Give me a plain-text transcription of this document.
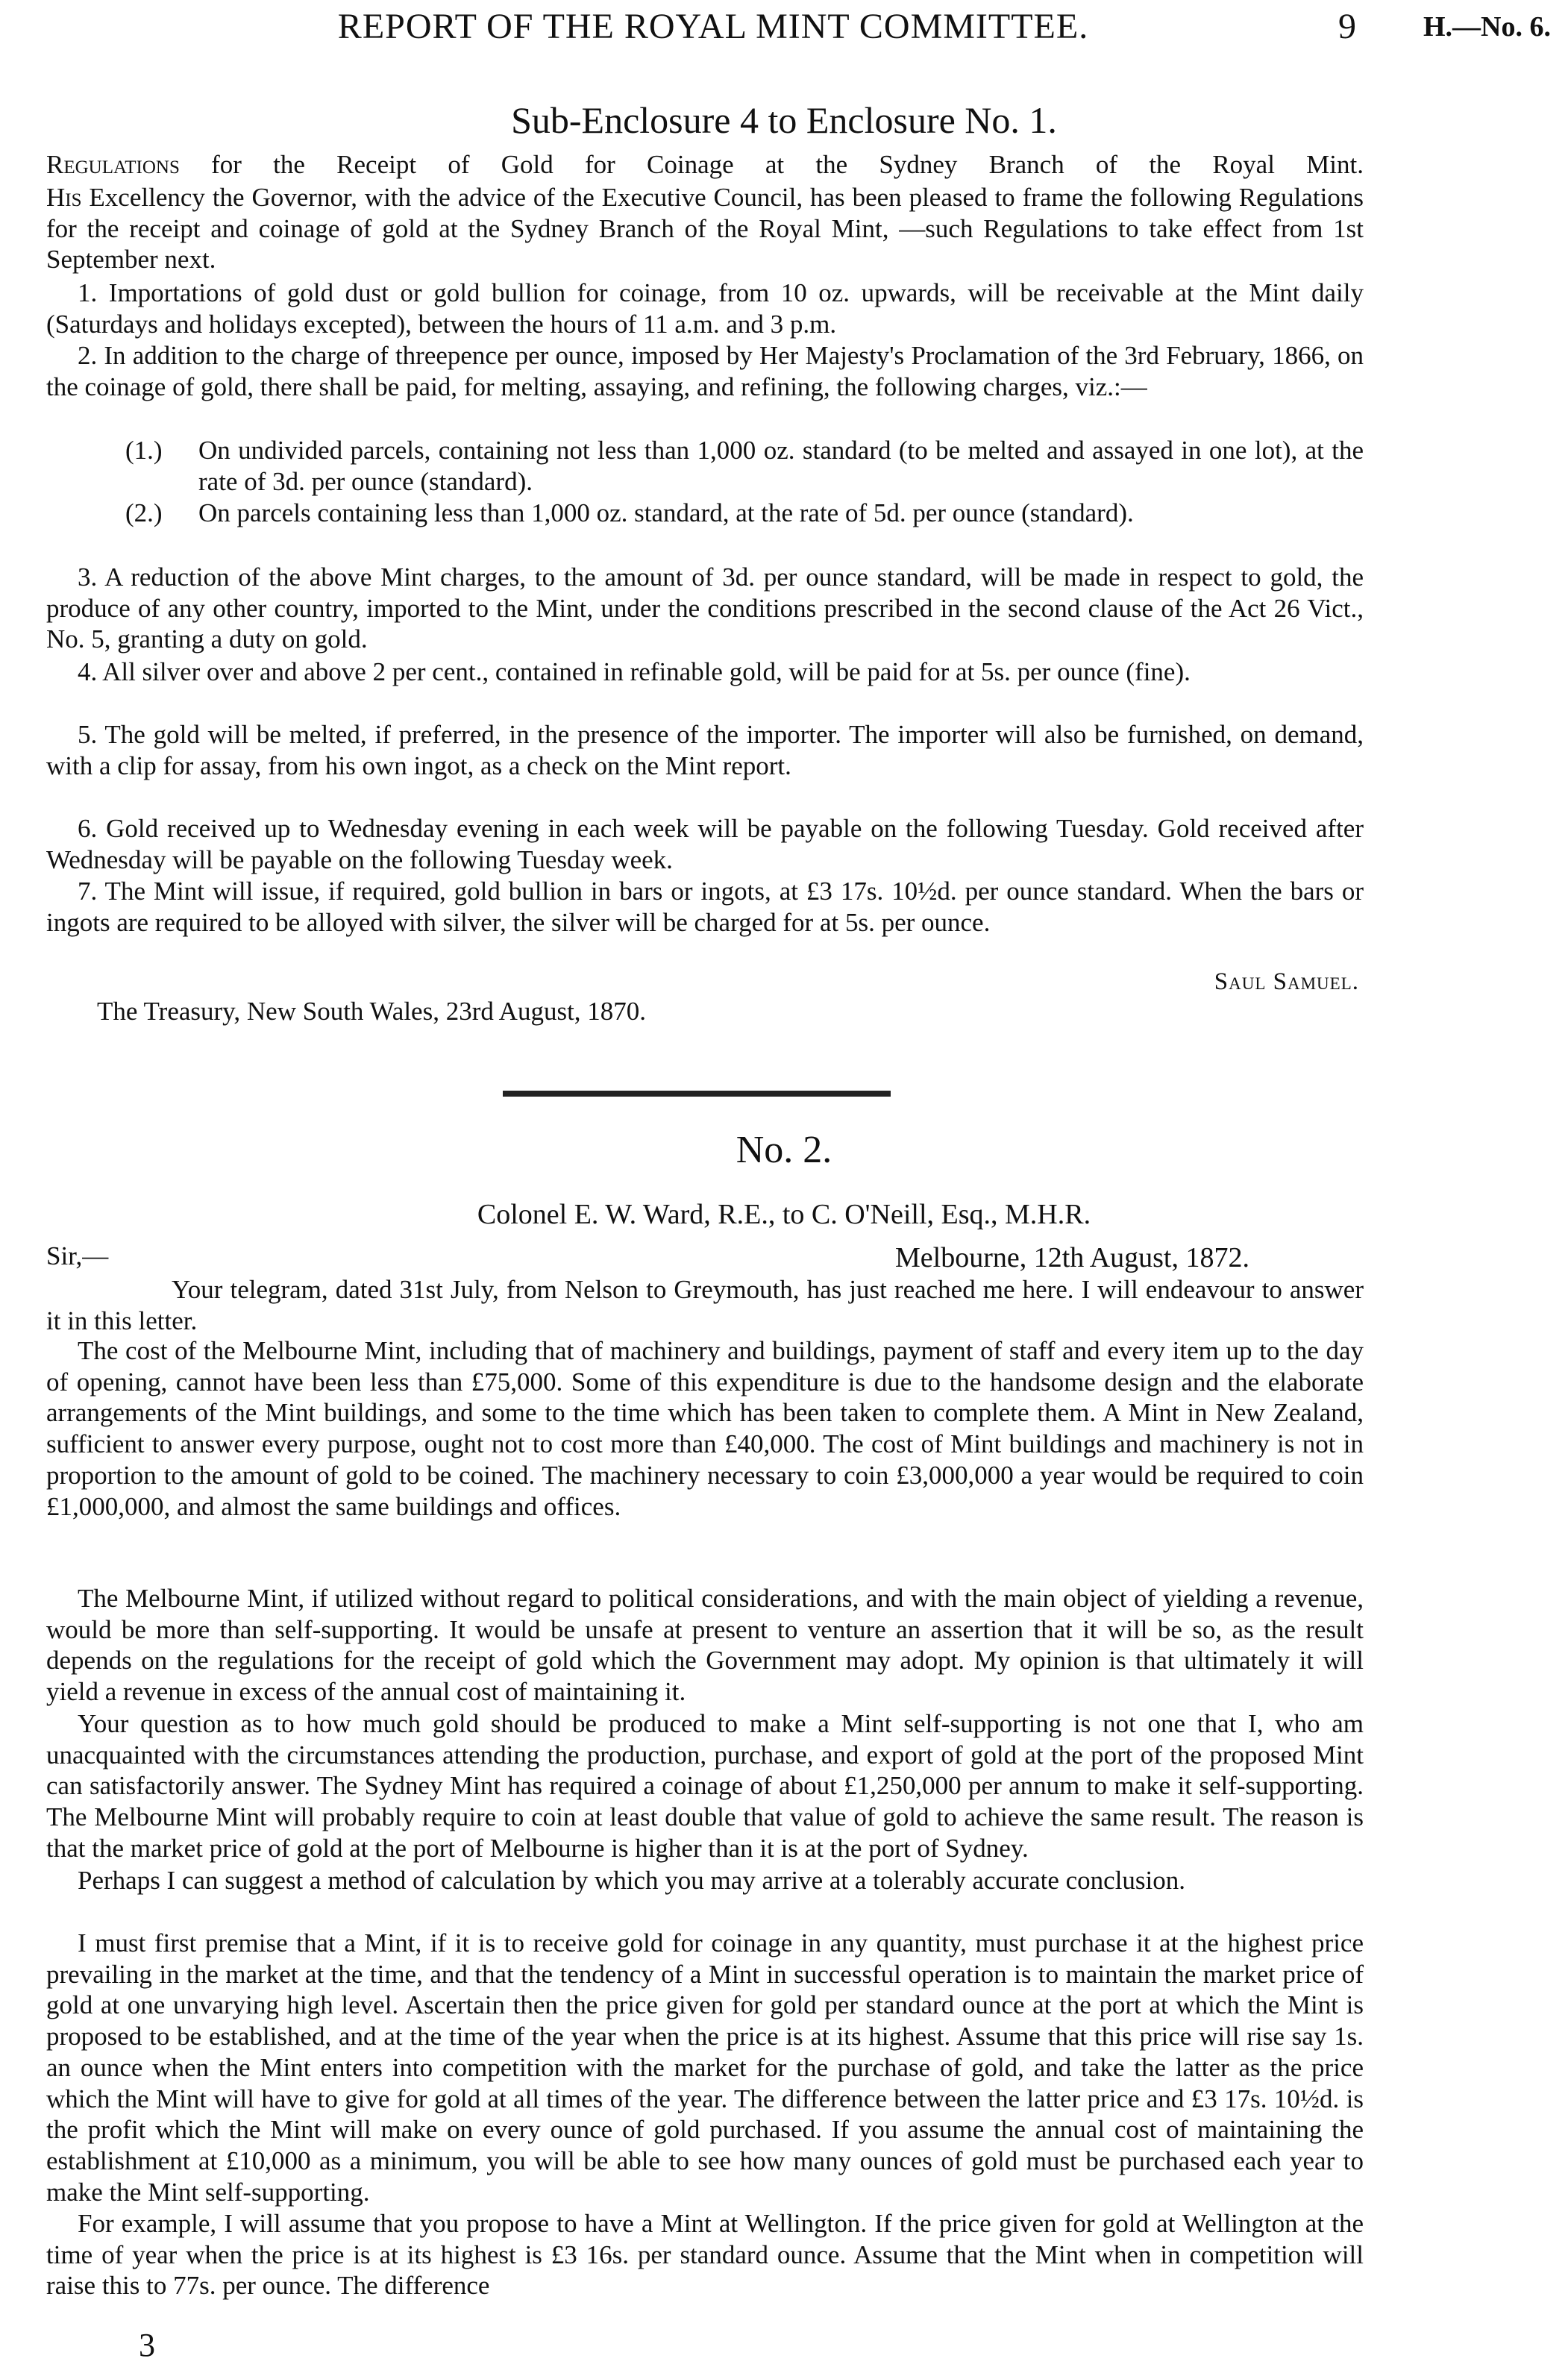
REPORT OF THE ROYAL MINT COMMITTEE.	9 H.—No. 6.
Sub-Enclosure 4 to Enclosure No. 1.
Regulations for the Receipt of Gold for Coinage at the Sydney Branch of the Royal Mint.
His Excellency the Governor, with the advice of the Executive Council, has been pleased to frame the following Regulations for the receipt and coinage of gold at the Sydney Branch of the Royal Mint, —such Regulations to take effect from 1st September next.
1. Importations of gold dust or gold bullion for coinage, from 10 oz. upwards, will be receivable at the Mint daily (Saturdays and holidays excepted), between the hours of 11 a.m. and 3 p.m.
2. In addition to the charge of threepence per ounce, imposed by Her Majesty's Proclamation of the 3rd February, 1866, on the coinage of gold, there shall be paid, for melting, assaying, and refining, the following charges, viz.:—
(1.) On undivided parcels, containing not less than 1,000 oz. standard (to be melted and assayed in one lot), at the rate of 3d. per ounce (standard).
(2.) On parcels containing less than 1,000 oz. standard, at the rate of 5d. per ounce (standard).
3. A reduction of the above Mint charges, to the amount of 3d. per ounce standard, will be made in respect to gold, the produce of any other country, imported to the Mint, under the conditions prescribed in the second clause of the Act 26 Vict., No. 5, granting a duty on gold.
4. All silver over and above 2 per cent., contained in refinable gold, will be paid for at 5s. per ounce (fine).
5. The gold will be melted, if preferred, in the presence of the importer. The importer will also be furnished, on demand, with a clip for assay, from his own ingot, as a check on the Mint report.
6. Gold received up to Wednesday evening in each week will be payable on the following Tuesday. Gold received after Wednesday will be payable on the following Tuesday week.
7. The Mint will issue, if required, gold bullion in bars or ingots, at £3 17s. 10½d. per ounce standard. When the bars or ingots are required to be alloyed with silver, the silver will be charged for at 5s. per ounce.
Saul Samuel.
The Treasury, New South Wales, 23rd August, 1870.
No. 2.
Colonel E. W. Ward, R.E., to C. O'Neill, Esq., M.H.R.
Sir,—	Melbourne, 12th August, 1872.
Your telegram, dated 31st July, from Nelson to Greymouth, has just reached me here. I will endeavour to answer it in this letter.
The cost of the Melbourne Mint, including that of machinery and buildings, payment of staff and every item up to the day of opening, cannot have been less than £75,000. Some of this expenditure is due to the handsome design and the elaborate arrangements of the Mint buildings, and some to the time which has been taken to complete them. A Mint in New Zealand, sufficient to answer every purpose, ought not to cost more than £40,000. The cost of Mint buildings and machinery is not in proportion to the amount of gold to be coined. The machinery necessary to coin £3,000,000 a year would be required to coin £1,000,000, and almost the same buildings and offices.
The Melbourne Mint, if utilized without regard to political considerations, and with the main object of yielding a revenue, would be more than self-supporting. It would be unsafe at present to venture an assertion that it will be so, as the result depends on the regulations for the receipt of gold which the Government may adopt. My opinion is that ultimately it will yield a revenue in excess of the annual cost of maintaining it.
Your question as to how much gold should be produced to make a Mint self-supporting is not one that I, who am unacquainted with the circumstances attending the production, purchase, and export of gold at the port of the proposed Mint can satisfactorily answer. The Sydney Mint has required a coinage of about £1,250,000 per annum to make it self-supporting. The Melbourne Mint will probably require to coin at least double that value of gold to achieve the same result. The reason is that the market price of gold at the port of Melbourne is higher than it is at the port of Sydney.
Perhaps I can suggest a method of calculation by which you may arrive at a tolerably accurate conclusion.
I must first premise that a Mint, if it is to receive gold for coinage in any quantity, must purchase it at the highest price prevailing in the market at the time, and that the tendency of a Mint in successful operation is to maintain the market price of gold at one unvarying high level. Ascertain then the price given for gold per standard ounce at the port at which the Mint is proposed to be established, and at the time of the year when the price is at its highest. Assume that this price will rise say 1s. an ounce when the Mint enters into competition with the market for the purchase of gold, and take the latter as the price which the Mint will have to give for gold at all times of the year. The difference between the latter price and £3 17s. 10½d. is the profit which the Mint will make on every ounce of gold purchased. If you assume the annual cost of maintaining the establishment at £10,000 as a minimum, you will be able to see how many ounces of gold must be purchased each year to make the Mint self-supporting.
For example, I will assume that you propose to have a Mint at Wellington. If the price given for gold at Wellington at the time of year when the price is at its highest is £3 16s. per standard ounce. Assume that the Mint when in competition will raise this to 77s. per ounce. The difference
3
